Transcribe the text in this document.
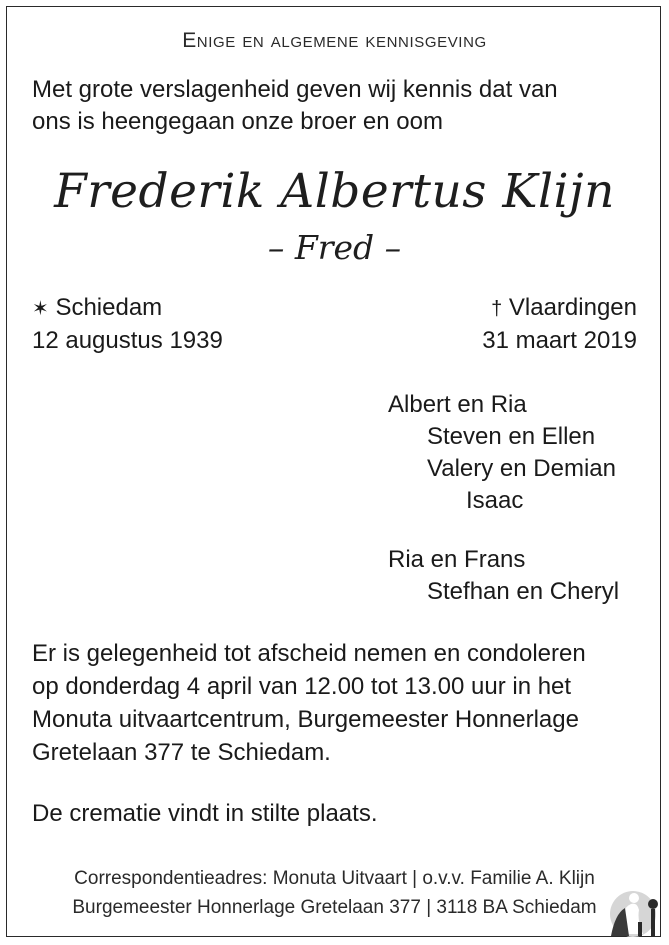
Enige en algemene kennisgeving
Met grote verslagenheid geven wij kennis dat van
ons is heengegaan onze broer en oom
Frederik Albertus Klijn
– Fred –
✶ Schiedam
12 augustus 1939
† Vlaardingen
31 maart 2019
Albert en Ria
Steven en Ellen
Valery en Demian
Isaac
Ria en Frans
Stefhan en Cheryl
Er is gelegenheid tot afscheid nemen en condoleren
op donderdag 4 april van 12.00 tot 13.00 uur in het
Monuta uitvaartcentrum, Burgemeester Honnerlage
Gretelaan 377 te Schiedam.
De crematie vindt in stilte plaats.
Correspondentieadres: Monuta Uitvaart | o.v.v. Familie A. Klijn
Burgemeester Honnerlage Gretelaan 377 | 3118 BA Schiedam
